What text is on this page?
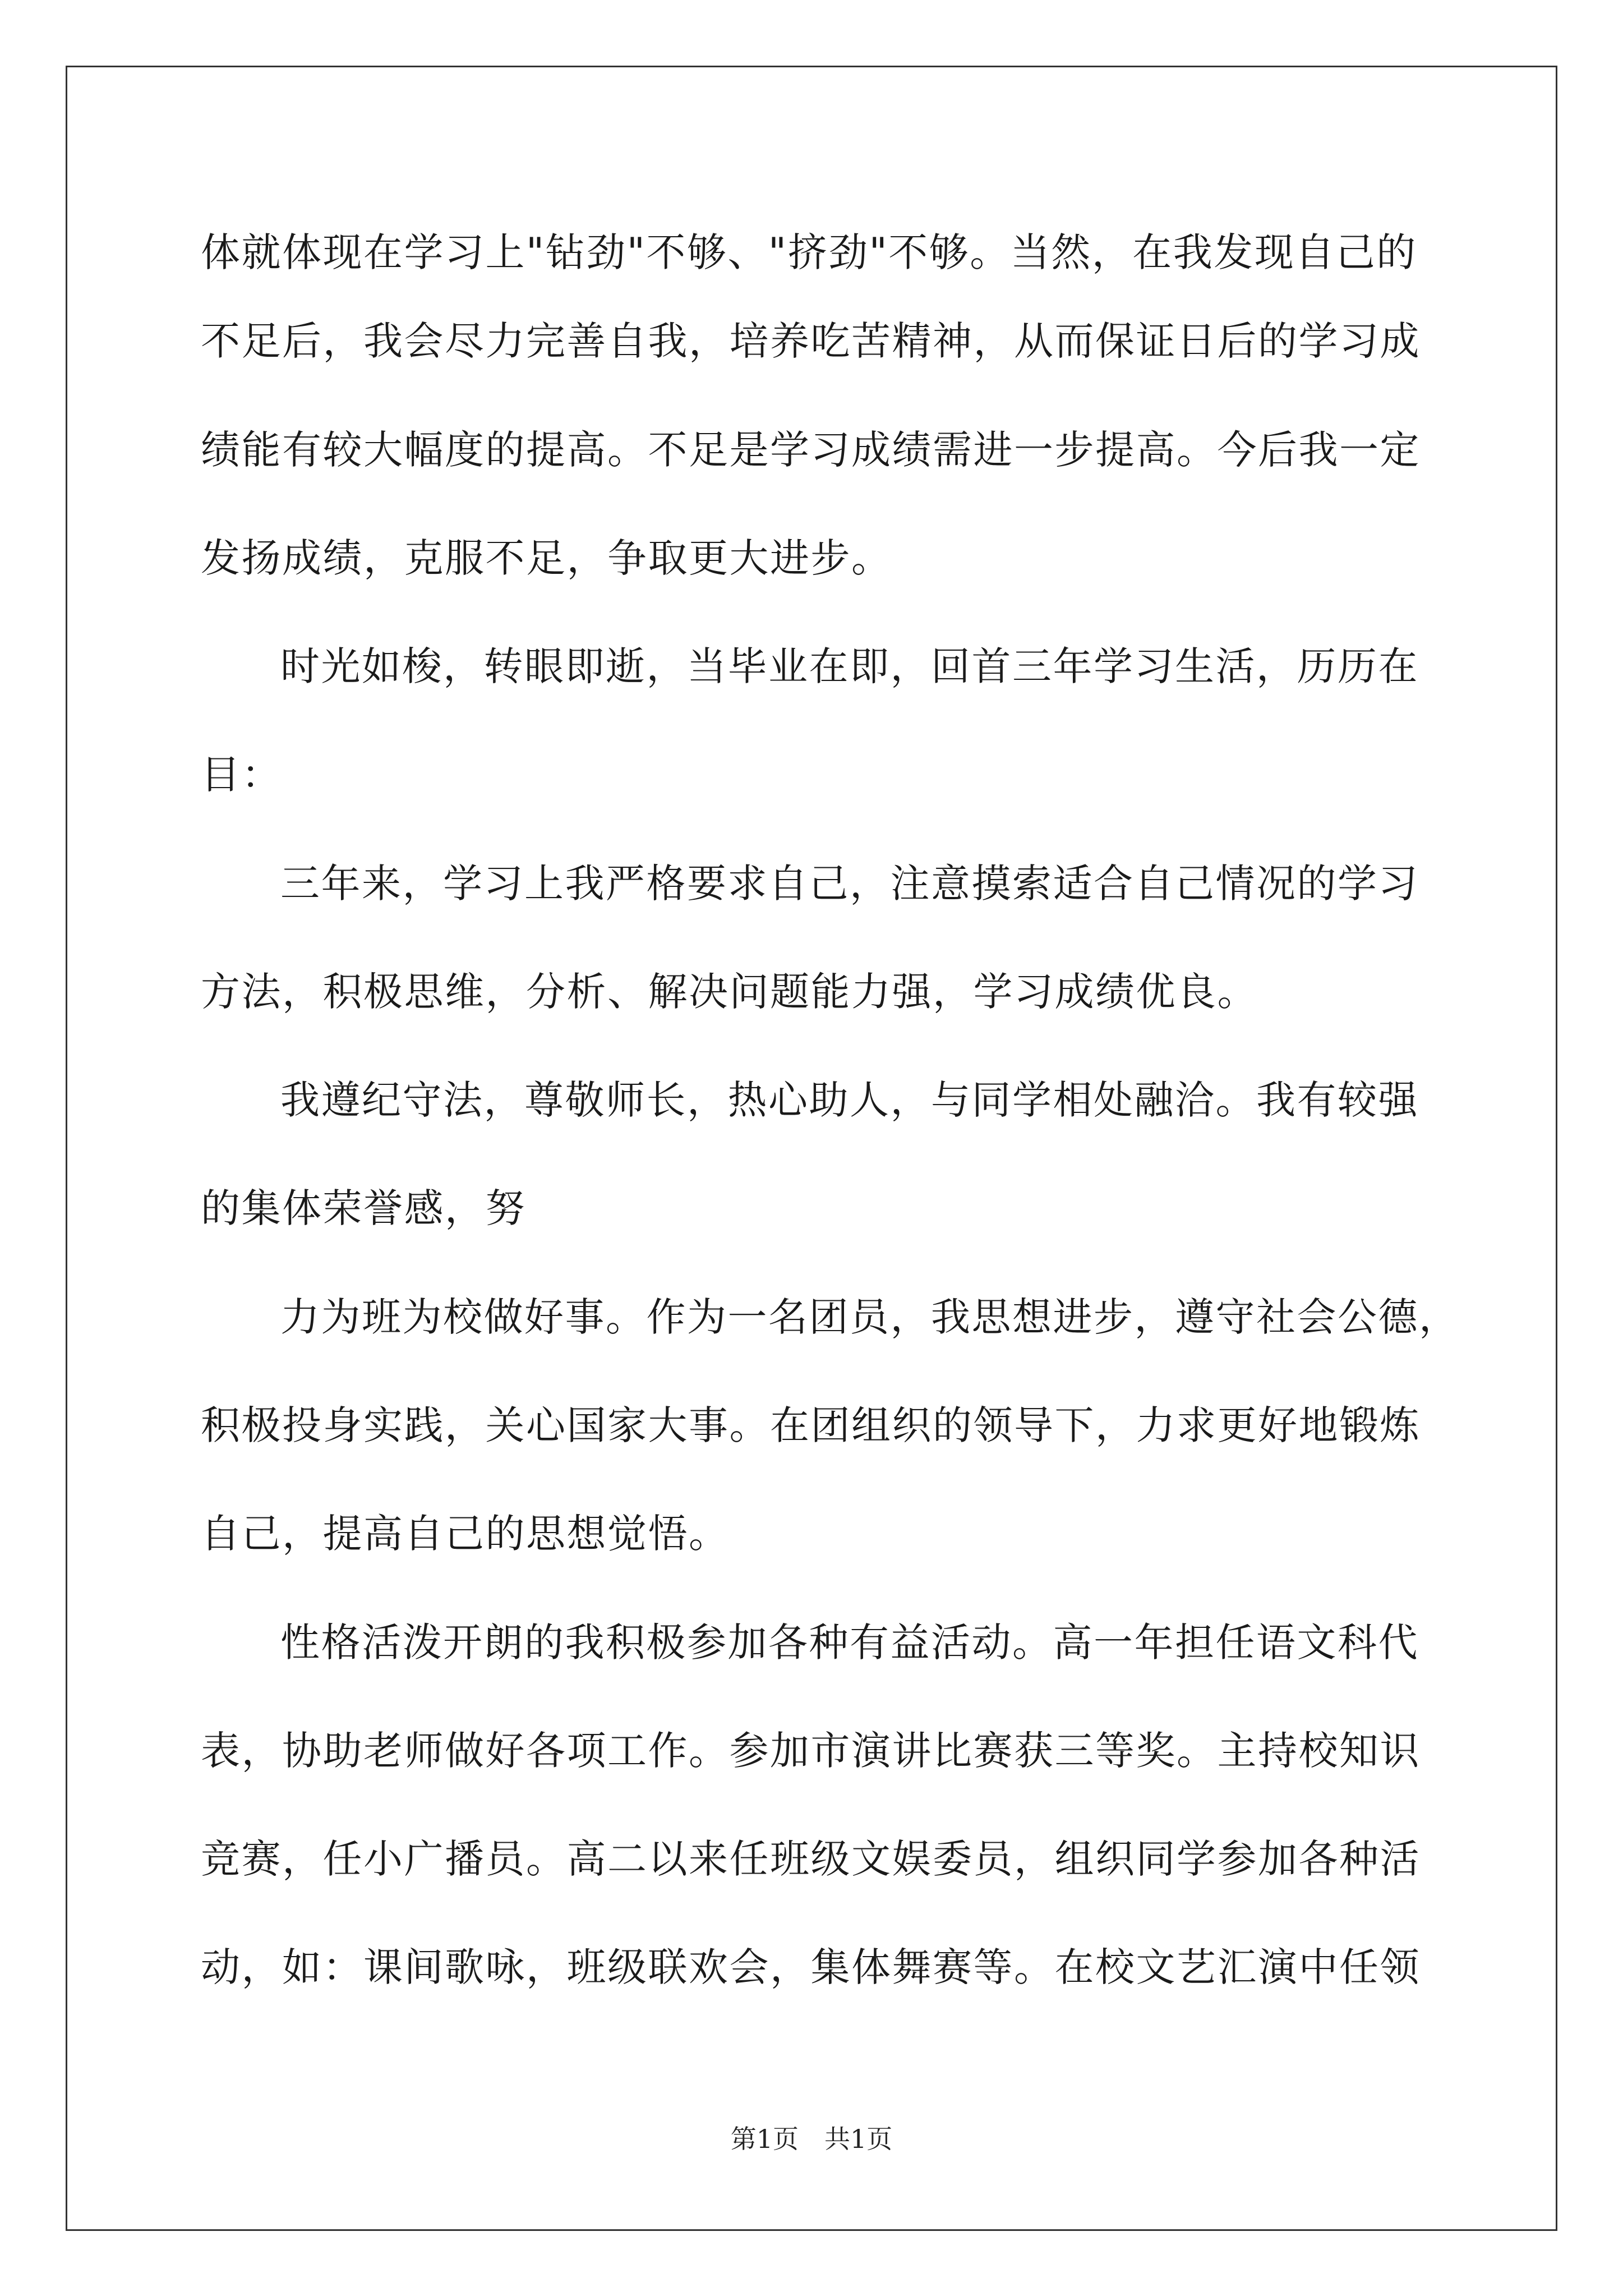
体就体现在学习上"钻劲"不够、"挤劲"不够。当然，在我发现自己的
不足后，我会尽力完善自我，培养吃苦精神，从而保证日后的学习成
绩能有较大幅度的提高。不足是学习成绩需进一步提高。今后我一定
发扬成绩，克服不足，争取更大进步。
时光如梭，转眼即逝，当毕业在即，回首三年学习生活，历历在
目：
三年来，学习上我严格要求自己，注意摸索适合自己情况的学习
方法，积极思维，分析、解决问题能力强，学习成绩优良。
我遵纪守法，尊敬师长，热心助人，与同学相处融洽。我有较强
的集体荣誉感，努
力为班为校做好事。作为一名团员，我思想进步，遵守社会公德，
积极投身实践，关心国家大事。在团组织的领导下，力求更好地锻炼
自己，提高自己的思想觉悟。
性格活泼开朗的我积极参加各种有益活动。高一年担任语文科代
表，协助老师做好各项工作。参加市演讲比赛获三等奖。主持校知识
竞赛，任小广播员。高二以来任班级文娱委员，组织同学参加各种活
动，如：课间歌咏，班级联欢会，集体舞赛等。在校文艺汇演中任领
第1页　共1页
